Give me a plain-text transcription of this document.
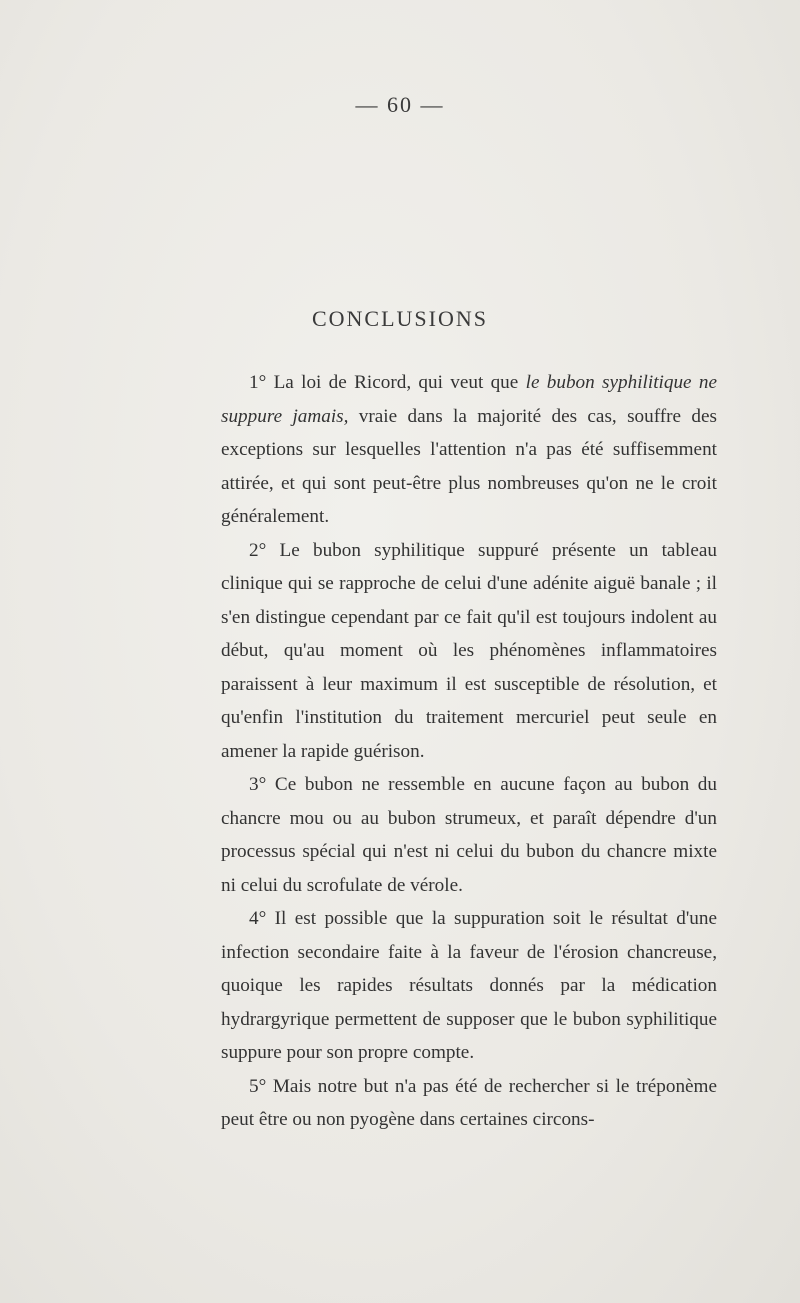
— 60 —
CONCLUSIONS

1° La loi de Ricord, qui veut que le bubon syphilitique ne suppure jamais, vraie dans la majorité des cas, souffre des exceptions sur lesquelles l'attention n'a pas été suffisemment attirée, et qui sont peut-être plus nombreuses qu'on ne le croit généralement.

2° Le bubon syphilitique suppuré présente un tableau clinique qui se rapproche de celui d'une adénite aiguë banale ; il s'en distingue cependant par ce fait qu'il est toujours indolent au début, qu'au moment où les phénomènes inflammatoires paraissent à leur maximum il est susceptible de résolution, et qu'enfin l'institution du traitement mercuriel peut seule en amener la rapide guérison.

3° Ce bubon ne ressemble en aucune façon au bubon du chancre mou ou au bubon strumeux, et paraît dépendre d'un processus spécial qui n'est ni celui du bubon du chancre mixte ni celui du scrofulate de vérole.

4° Il est possible que la suppuration soit le résultat d'une infection secondaire faite à la faveur de l'érosion chancreuse, quoique les rapides résultats donnés par la médication hydrargyrique permettent de supposer que le bubon syphilitique suppure pour son propre compte.

5° Mais notre but n'a pas été de rechercher si le tréponème peut être ou non pyogène dans certaines circons-
